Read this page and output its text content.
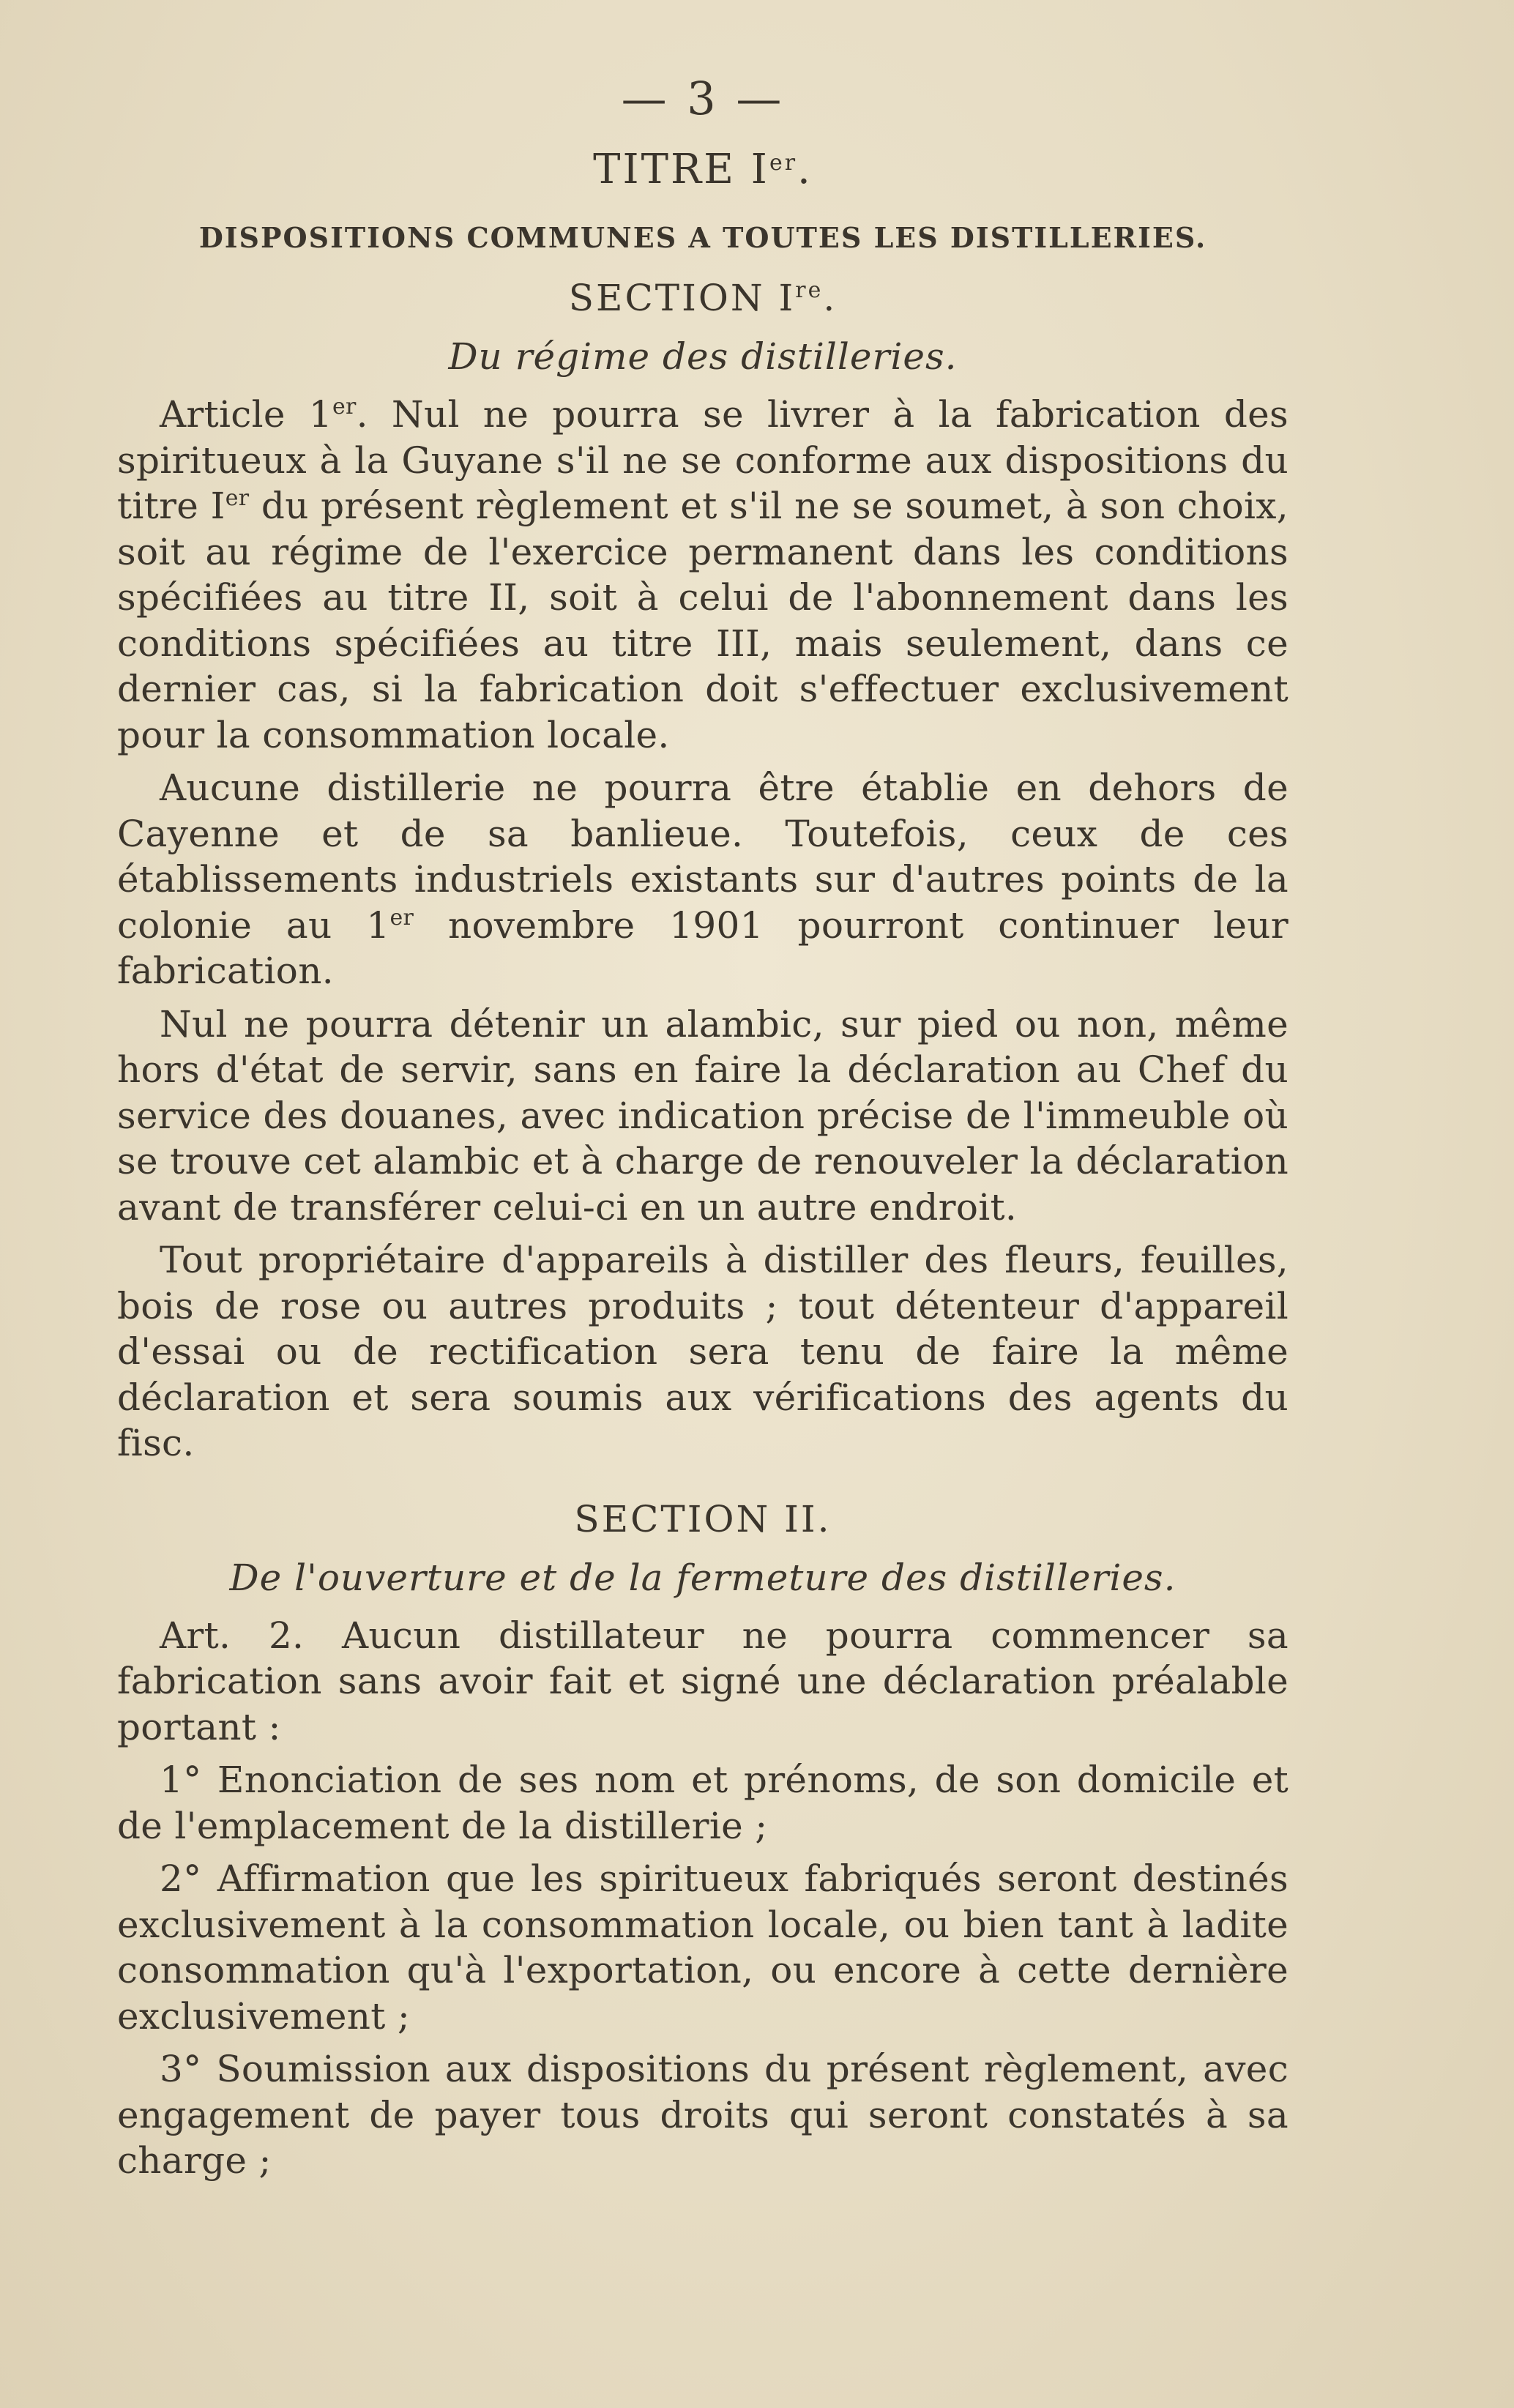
— 3 —
TITRE Ier.
DISPOSITIONS COMMUNES A TOUTES LES DISTILLERIES.
SECTION Ire.
Du régime des distilleries.

Article 1er. Nul ne pourra se livrer à la fabrication des spiritueux à la Guyane s'il ne se conforme aux dispositions du titre Ier du présent règlement et s'il ne se soumet, à son choix, soit au régime de l'exercice permanent dans les conditions spécifiées au titre II, soit à celui de l'abonnement dans les conditions spécifiées au titre III, mais seulement, dans ce dernier cas, si la fabrication doit s'effectuer exclusivement pour la consommation locale.

Aucune distillerie ne pourra être établie en dehors de Cayenne et de sa banlieue. Toutefois, ceux de ces établissements industriels existants sur d'autres points de la colonie au 1er novembre 1901 pourront continuer leur fabrication.

Nul ne pourra détenir un alambic, sur pied ou non, même hors d'état de servir, sans en faire la déclaration au Chef du service des douanes, avec indication précise de l'immeuble où se trouve cet alambic et à charge de renouveler la déclaration avant de transférer celui-ci en un autre endroit.

Tout propriétaire d'appareils à distiller des fleurs, feuilles, bois de rose ou autres produits ; tout détenteur d'appareil d'essai ou de rectification sera tenu de faire la même déclaration et sera soumis aux vérifications des agents du fisc.

SECTION II.
De l'ouverture et de la fermeture des distilleries.

Art. 2. Aucun distillateur ne pourra commencer sa fabrication sans avoir fait et signé une déclaration préalable portant :

1° Enonciation de ses nom et prénoms, de son domicile et de l'emplacement de la distillerie ;

2° Affirmation que les spiritueux fabriqués seront destinés exclusivement à la consommation locale, ou bien tant à ladite consommation qu'à l'exportation, ou encore à cette dernière exclusivement ;

3° Soumission aux dispositions du présent règlement, avec engagement de payer tous droits qui seront constatés à sa charge ;
